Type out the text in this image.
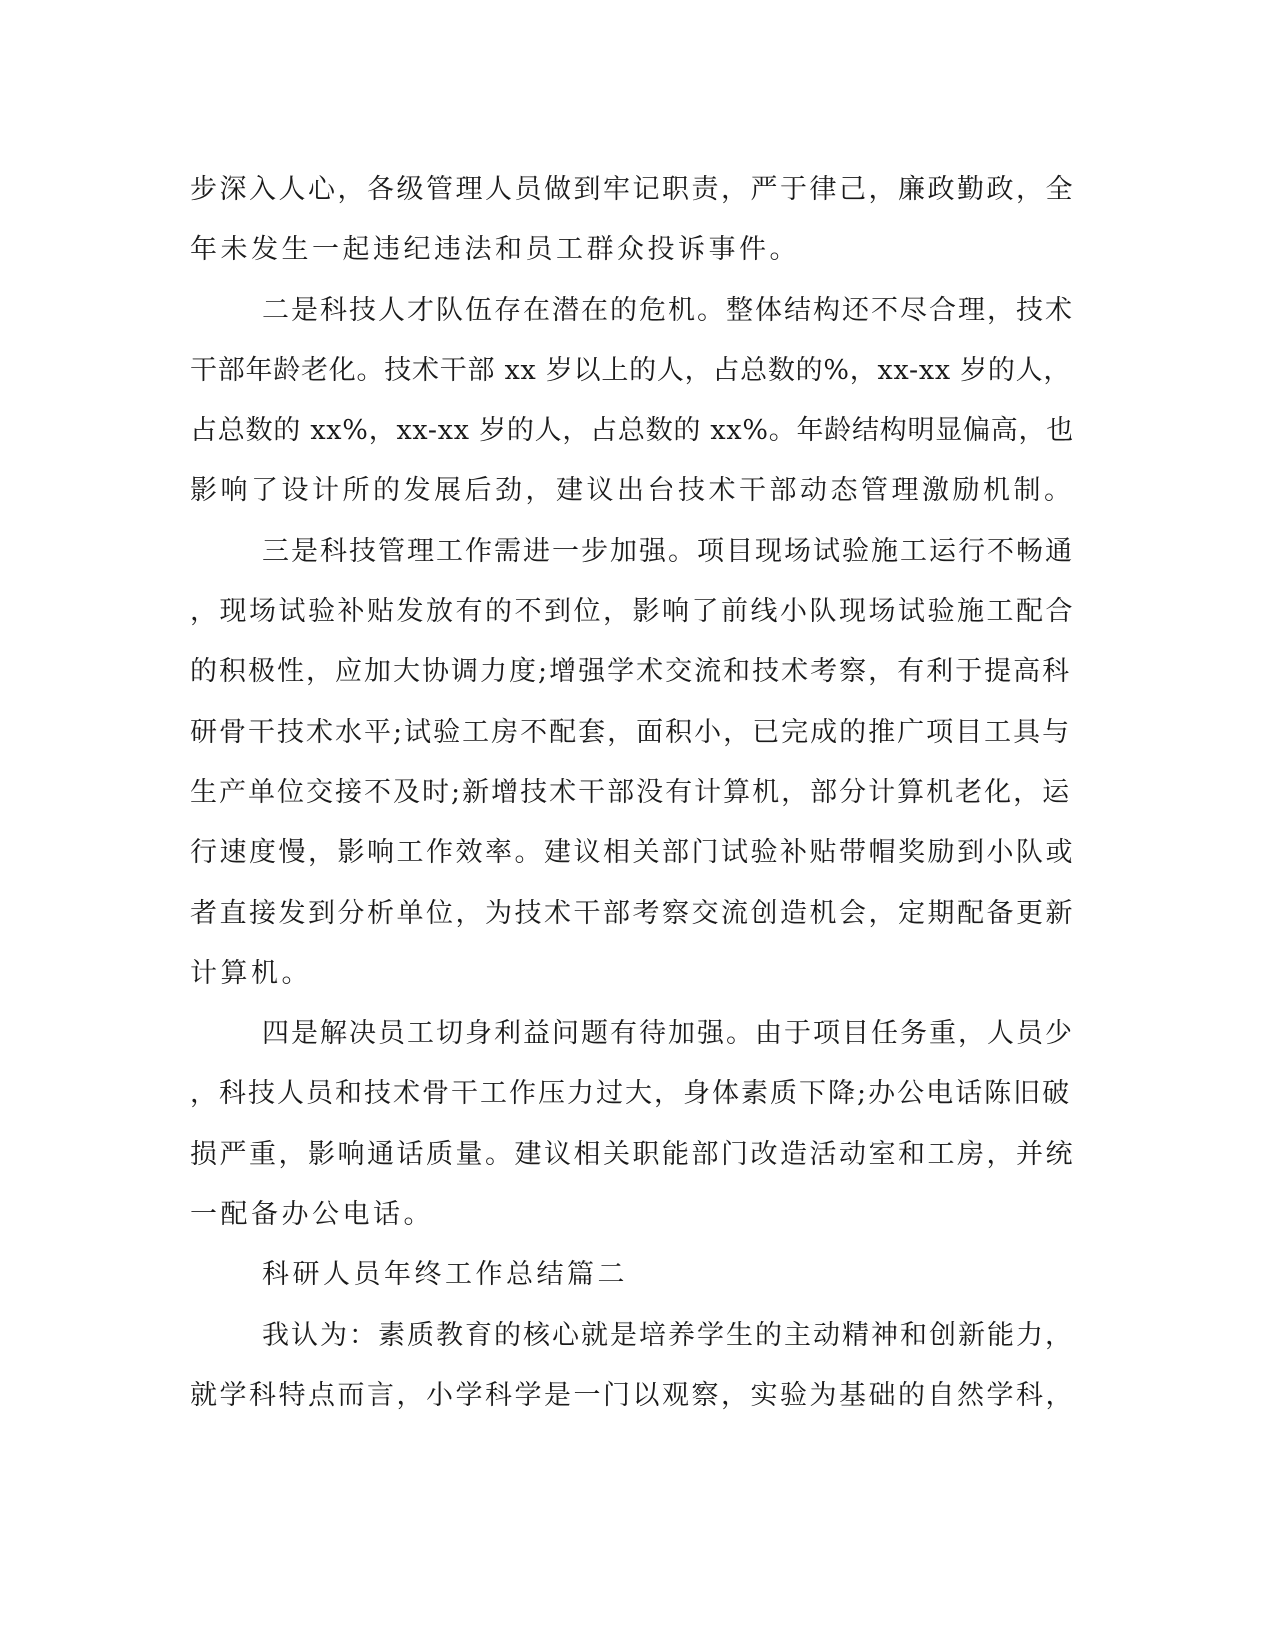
步深入人心，各级管理人员做到牢记职责，严于律己，廉政勤政，全
年未发生一起违纪违法和员工群众投诉事件。
二是科技人才队伍存在潜在的危机。整体结构还不尽合理，技术
干部年龄老化。技术干部 xx 岁以上的人，占总数的%，xx-xx 岁的人，
占总数的 xx%，xx-xx 岁的人，占总数的 xx%。年龄结构明显偏高，也
影响了设计所的发展后劲，建议出台技术干部动态管理激励机制。
三是科技管理工作需进一步加强。项目现场试验施工运行不畅通
，现场试验补贴发放有的不到位，影响了前线小队现场试验施工配合
的积极性，应加大协调力度;增强学术交流和技术考察，有利于提高科
研骨干技术水平;试验工房不配套，面积小，已完成的推广项目工具与
生产单位交接不及时;新增技术干部没有计算机，部分计算机老化，运
行速度慢，影响工作效率。建议相关部门试验补贴带帽奖励到小队或
者直接发到分析单位，为技术干部考察交流创造机会，定期配备更新
计算机。
四是解决员工切身利益问题有待加强。由于项目任务重，人员少
，科技人员和技术骨干工作压力过大，身体素质下降;办公电话陈旧破
损严重，影响通话质量。建议相关职能部门改造活动室和工房，并统
一配备办公电话。
科研人员年终工作总结篇二
我认为：素质教育的核心就是培养学生的主动精神和创新能力，
就学科特点而言，小学科学是一门以观察，实验为基础的自然学科，
